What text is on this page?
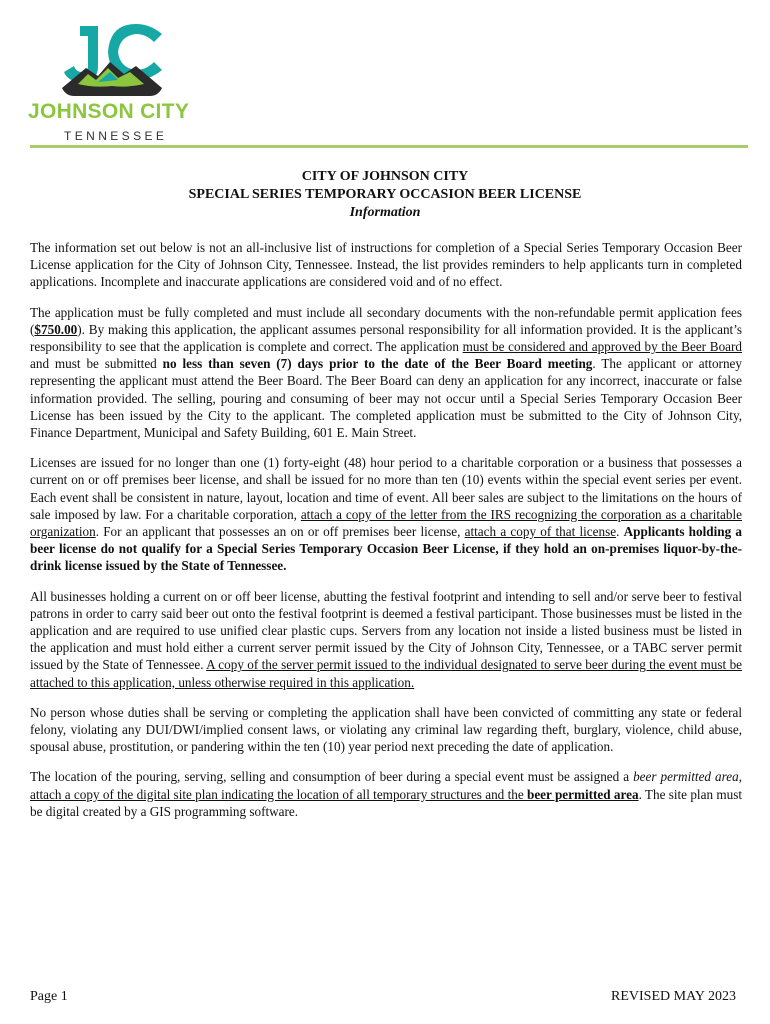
JOHNSON CITY
TENNESSEE
CITY OF JOHNSON CITY
SPECIAL SERIES TEMPORARY OCCASION BEER LICENSE
Information

The information set out below is not an all-inclusive list of instructions for completion of a Special Series Temporary Occasion Beer License application for the City of Johnson City, Tennessee. Instead, the list provides reminders to help applicants turn in completed applications. Incomplete and inaccurate applications are considered void and of no effect.

The application must be fully completed and must include all secondary documents with the non-refundable permit application fees ($750.00). By making this application, the applicant assumes personal responsibility for all information provided. It is the applicant’s responsibility to see that the application is complete and correct. The application must be considered and approved by the Beer Board and must be submitted no less than seven (7) days prior to the date of the Beer Board meeting. The applicant or attorney representing the applicant must attend the Beer Board. The Beer Board can deny an application for any incorrect, inaccurate or false information provided. The selling, pouring and consuming of beer may not occur until a Special Series Temporary Occasion Beer License has been issued by the City to the applicant. The completed application must be submitted to the City of Johnson City, Finance Department, Municipal and Safety Building, 601 E. Main Street.

Licenses are issued for no longer than one (1) forty-eight (48) hour period to a charitable corporation or a business that possesses a current on or off premises beer license, and shall be issued for no more than ten (10) events within the special event series per event. Each event shall be consistent in nature, layout, location and time of event. All beer sales are subject to the limitations on the hours of sale imposed by law. For a charitable corporation, attach a copy of the letter from the IRS recognizing the corporation as a charitable organization. For an applicant that possesses an on or off premises beer license, attach a copy of that license. Applicants holding a beer license do not qualify for a Special Series Temporary Occasion Beer License, if they hold an on-premises liquor-by-the-drink license issued by the State of Tennessee.

All businesses holding a current on or off beer license, abutting the festival footprint and intending to sell and/or serve beer to festival patrons in order to carry said beer out onto the festival footprint is deemed a festival participant. Those businesses must be listed in the application and are required to use unified clear plastic cups. Servers from any location not inside a listed business must be listed in the application and must hold either a current server permit issued by the City of Johnson City, Tennessee, or a TABC server permit issued by the State of Tennessee. A copy of the server permit issued to the individual designated to serve beer during the event must be attached to this application, unless otherwise required in this application.

No person whose duties shall be serving or completing the application shall have been convicted of committing any state or federal felony, violating any DUI/DWI/implied consent laws, or violating any criminal law regarding theft, burglary, violence, child abuse, spousal abuse, prostitution, or pandering within the ten (10) year period next preceding the date of application.

The location of the pouring, serving, selling and consumption of beer during a special event must be assigned a beer permitted area, attach a copy of the digital site plan indicating the location of all temporary structures and the beer permitted area. The site plan must be digital created by a GIS programming software.

Page 1	REVISED MAY 2023
